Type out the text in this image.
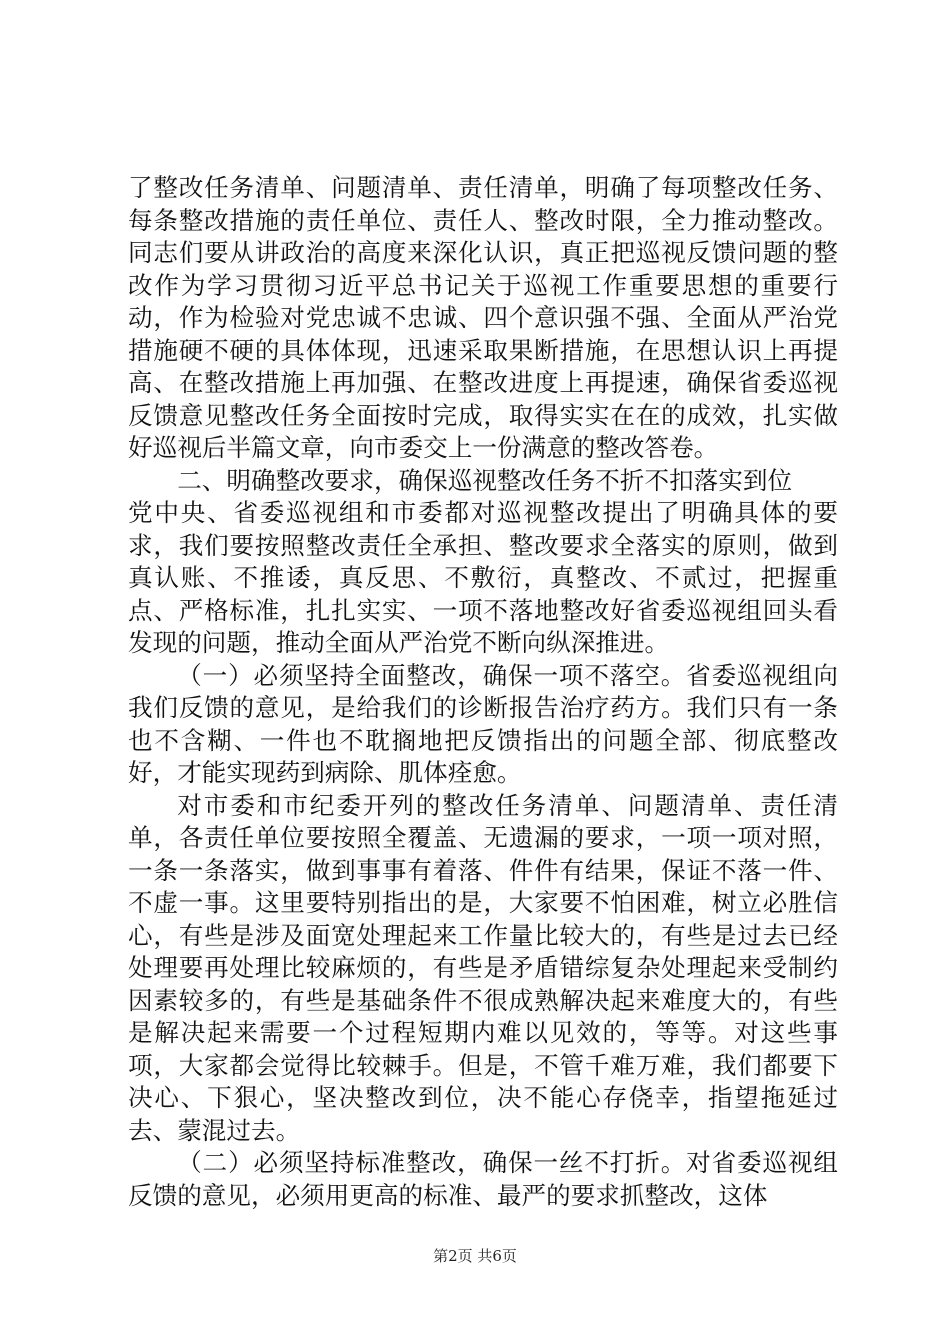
了整改任务清单、问题清单、责任清单，明确了每项整改任务、每条整改措施的责任单位、责任人、整改时限，全力推动整改。同志们要从讲政治的高度来深化认识，真正把巡视反馈问题的整改作为学习贯彻习近平总书记关于巡视工作重要思想的重要行动，作为检验对党忠诚不忠诚、四个意识强不强、全面从严治党措施硬不硬的具体体现，迅速采取果断措施，在思想认识上再提高、在整改措施上再加强、在整改进度上再提速，确保省委巡视反馈意见整改任务全面按时完成，取得实实在在的成效，扎实做好巡视后半篇文章，向市委交上一份满意的整改答卷。

二、明确整改要求，确保巡视整改任务不折不扣落实到位

党中央、省委巡视组和市委都对巡视整改提出了明确具体的要求，我们要按照整改责任全承担、整改要求全落实的原则，做到真认账、不推诿，真反思、不敷衍，真整改、不贰过，把握重点、严格标准，扎扎实实、一项不落地整改好省委巡视组回头看发现的问题，推动全面从严治党不断向纵深推进。

（一）必须坚持全面整改，确保一项不落空。省委巡视组向我们反馈的意见，是给我们的诊断报告治疗药方。我们只有一条也不含糊、一件也不耽搁地把反馈指出的问题全部、彻底整改好，才能实现药到病除、肌体痊愈。

对市委和市纪委开列的整改任务清单、问题清单、责任清单，各责任单位要按照全覆盖、无遗漏的要求，一项一项对照，一条一条落实，做到事事有着落、件件有结果，保证不落一件、不虚一事。这里要特别指出的是，大家要不怕困难，树立必胜信心，有些是涉及面宽处理起来工作量比较大的，有些是过去已经处理要再处理比较麻烦的，有些是矛盾错综复杂处理起来受制约因素较多的，有些是基础条件不很成熟解决起来难度大的，有些是解决起来需要一个过程短期内难以见效的，等等。对这些事项，大家都会觉得比较棘手。但是，不管千难万难，我们都要下决心、下狠心，坚决整改到位，决不能心存侥幸，指望拖延过去、蒙混过去。

（二）必须坚持标准整改，确保一丝不打折。对省委巡视组反馈的意见，必须用更高的标准、最严的要求抓整改，这体

第2页 共6页
